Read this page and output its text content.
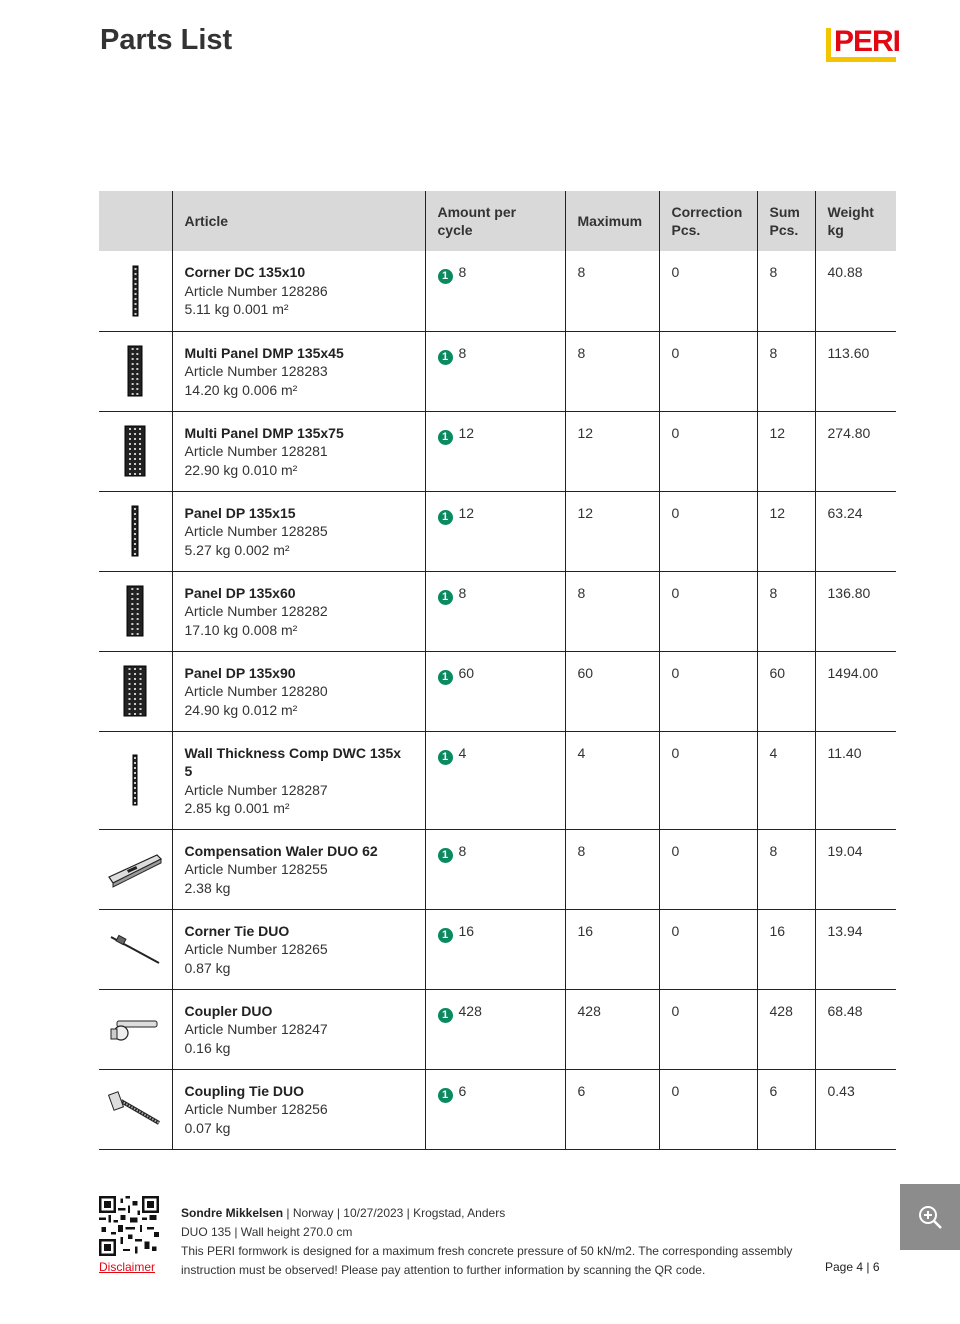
Parts List	PERI
	Article	Amount per cycle	Maximum	Correction Pcs.	Sum Pcs.	Weight kg

Corner DC 135x10
Article Number 128286
5.11 kg 0.001 m²	1 8	8	0	8	40.88

Multi Panel DMP 135x45
Article Number 128283
14.20 kg 0.006 m²	1 8	8	0	8	113.60

Multi Panel DMP 135x75
Article Number 128281
22.90 kg 0.010 m²	1 12	12	0	12	274.80

Panel DP 135x15
Article Number 128285
5.27 kg 0.002 m²	1 12	12	0	12	63.24

Panel DP 135x60
Article Number 128282
17.10 kg 0.008 m²	1 8	8	0	8	136.80

Panel DP 135x90
Article Number 128280
24.90 kg 0.012 m²	1 60	60	0	60	1494.00

Wall Thickness Comp DWC 135x 5
Article Number 128287
2.85 kg 0.001 m²	1 4	4	0	4	11.40

Compensation Waler DUO 62
Article Number 128255
2.38 kg	1 8	8	0	8	19.04

Corner Tie DUO
Article Number 128265
0.87 kg	1 16	16	0	16	13.94

Coupler DUO
Article Number 128247
0.16 kg	1 428	428	0	428	68.48

Coupling Tie DUO
Article Number 128256
0.07 kg	1 6	6	0	6	0.43
Disclaimer
Sondre Mikkelsen | Norway | 10/27/2023 | Krogstad, Anders
DUO 135 | Wall height 270.0 cm
This PERI formwork is designed for a maximum fresh concrete pressure of 50 kN/m2. The corresponding assembly
instruction must be observed! Please pay attention to further information by scanning the QR code.	Page 4 | 6
